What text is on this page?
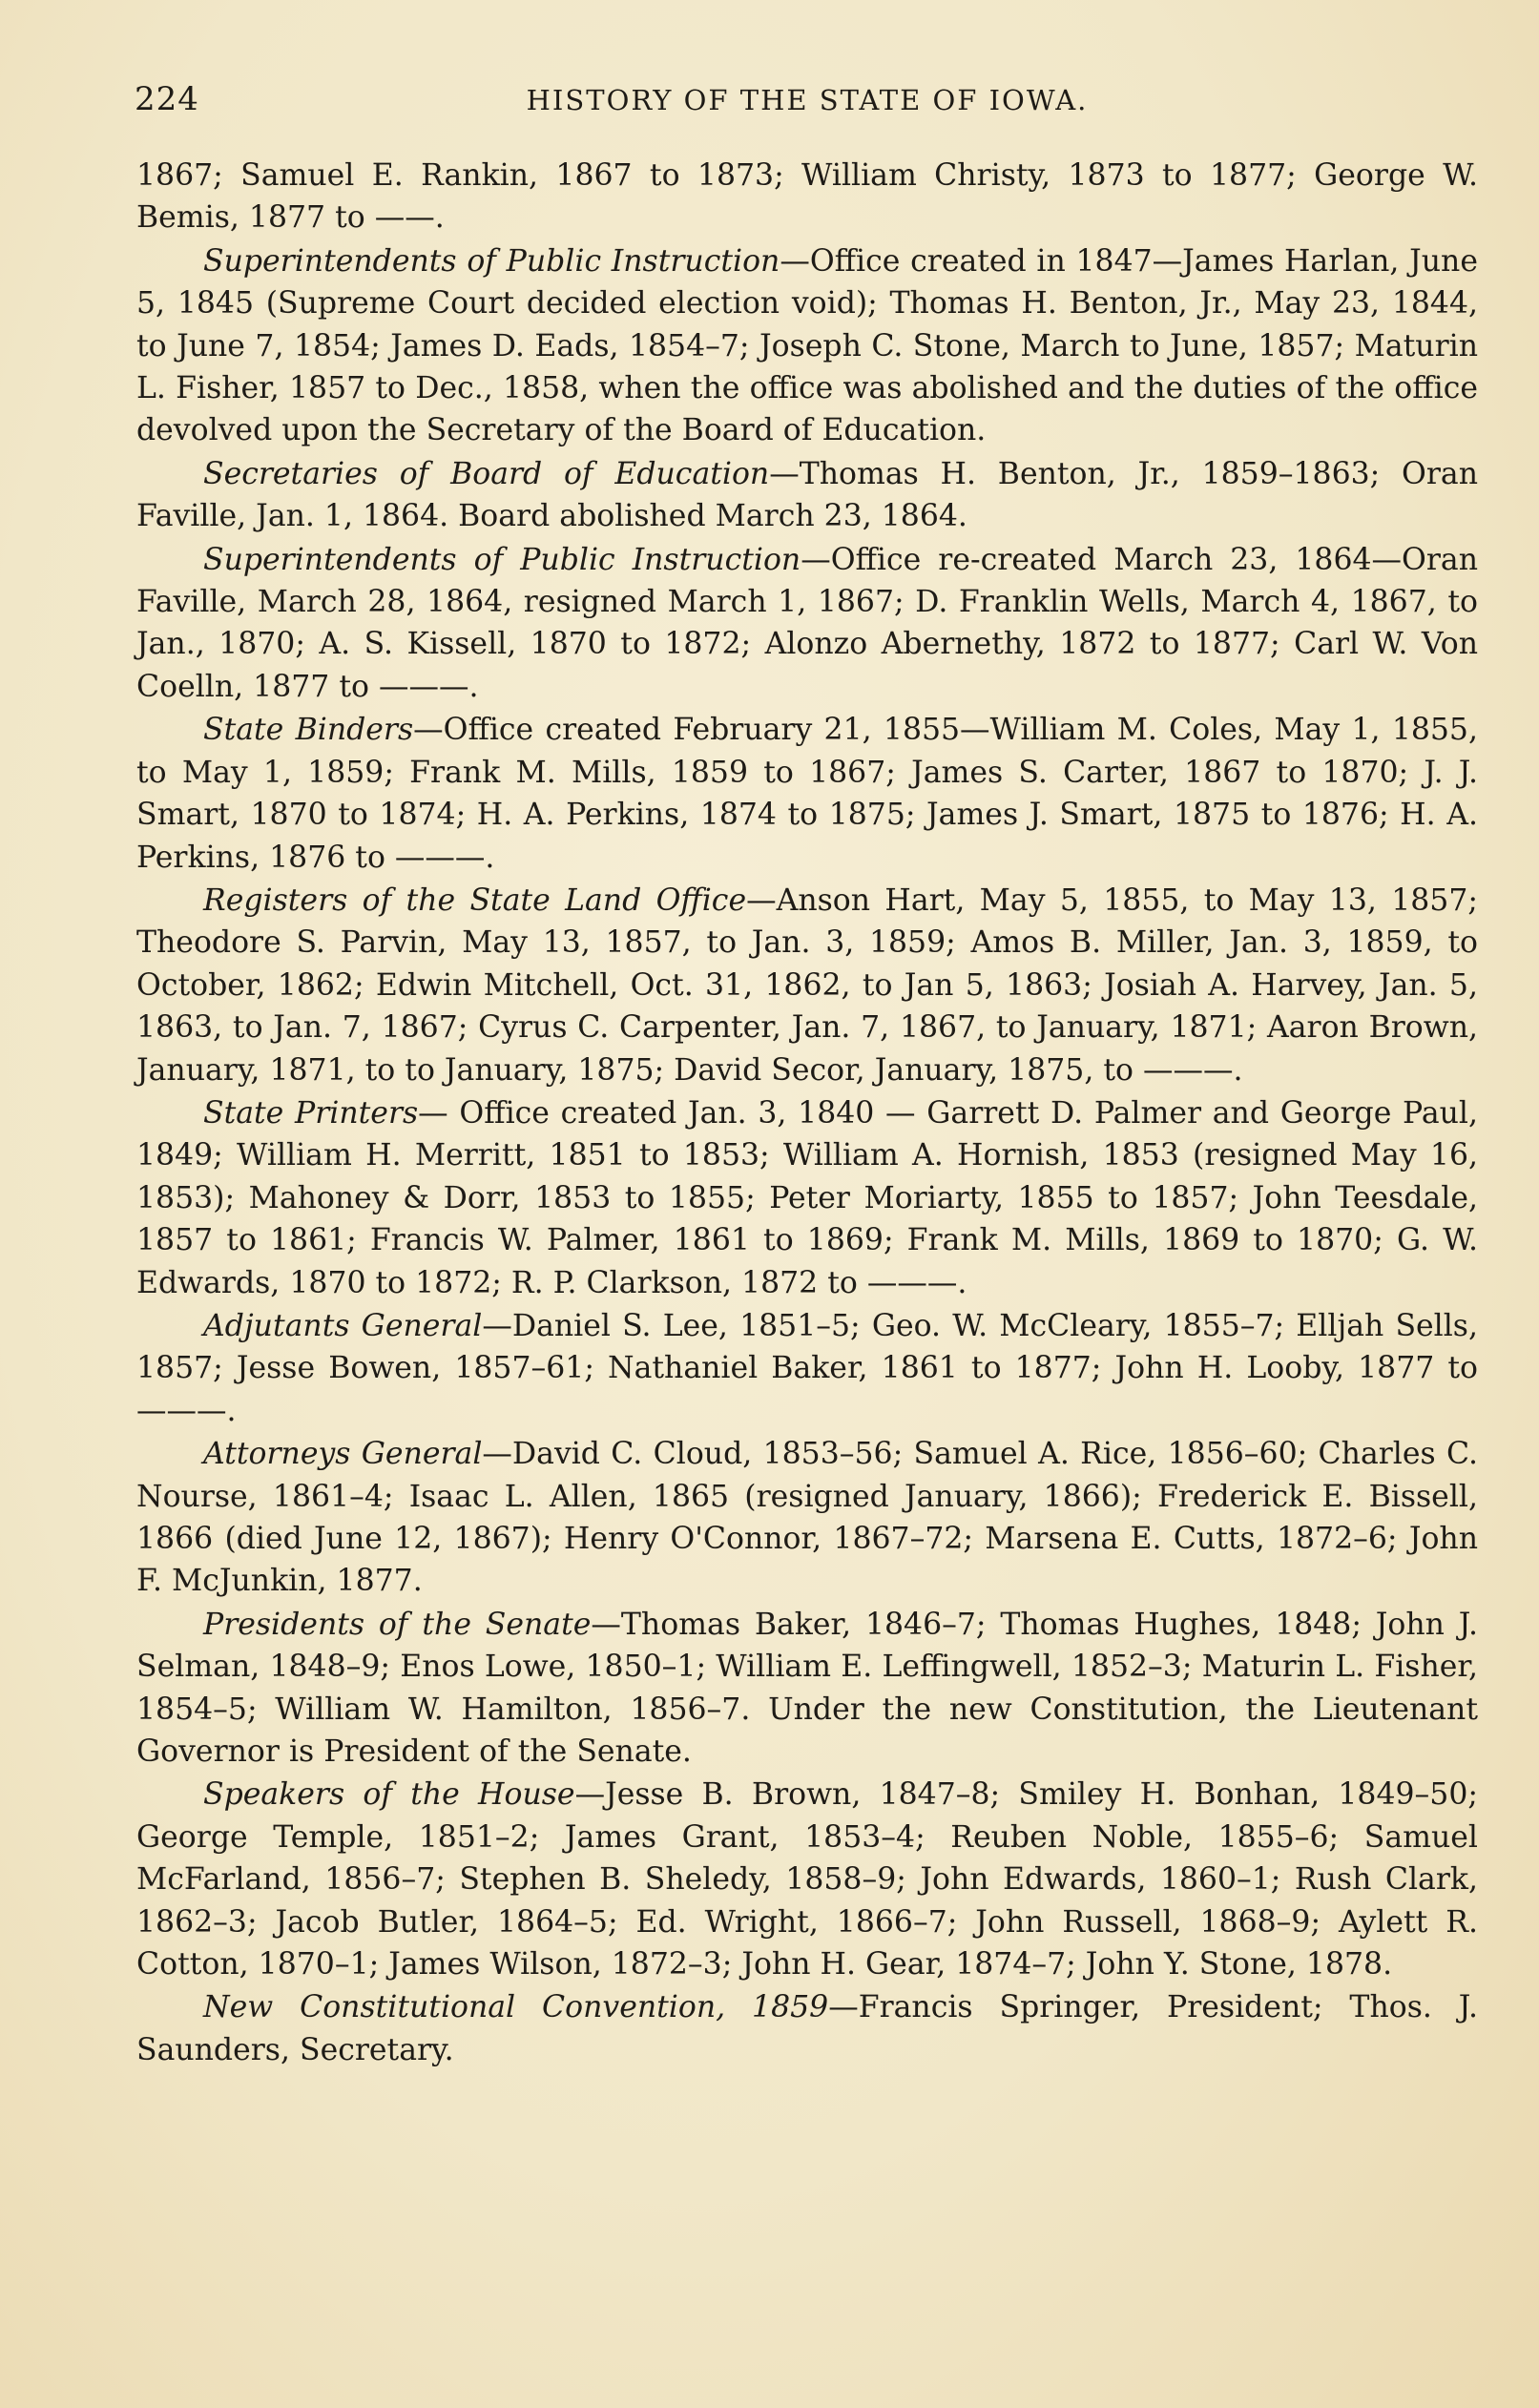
224	HISTORY OF THE STATE OF IOWA.

1867; Samuel E. Rankin, 1867 to 1873; William Christy, 1873 to 1877; George W. Bemis, 1877 to ——.

Superintendents of Public Instruction—Office created in 1847—James Harlan, June 5, 1845 (Supreme Court decided election void); Thomas H. Benton, Jr., May 23, 1844, to June 7, 1854; James D. Eads, 1854–7; Joseph C. Stone, March to June, 1857; Maturin L. Fisher, 1857 to Dec., 1858, when the office was abolished and the duties of the office devolved upon the Secretary of the Board of Education.

Secretaries of Board of Education—Thomas H. Benton, Jr., 1859–1863; Oran Faville, Jan. 1, 1864. Board abolished March 23, 1864.

Superintendents of Public Instruction—Office re-created March 23, 1864—Oran Faville, March 28, 1864, resigned March 1, 1867; D. Franklin Wells, March 4, 1867, to Jan., 1870; A. S. Kissell, 1870 to 1872; Alonzo Abernethy, 1872 to 1877; Carl W. Von Coelln, 1877 to ———.

State Binders—Office created February 21, 1855—William M. Coles, May 1, 1855, to May 1, 1859; Frank M. Mills, 1859 to 1867; James S. Carter, 1867 to 1870; J. J. Smart, 1870 to 1874; H. A. Perkins, 1874 to 1875; James J. Smart, 1875 to 1876; H. A. Perkins, 1876 to ———.

Registers of the State Land Office—Anson Hart, May 5, 1855, to May 13, 1857; Theodore S. Parvin, May 13, 1857, to Jan. 3, 1859; Amos B. Miller, Jan. 3, 1859, to October, 1862; Edwin Mitchell, Oct. 31, 1862, to Jan 5, 1863; Josiah A. Harvey, Jan. 5, 1863, to Jan. 7, 1867; Cyrus C. Carpenter, Jan. 7, 1867, to January, 1871; Aaron Brown, January, 1871, to to January, 1875; David Secor, January, 1875, to ———.

State Printers— Office created Jan. 3, 1840 — Garrett D. Palmer and George Paul, 1849; William H. Merritt, 1851 to 1853; William A. Hornish, 1853 (resigned May 16, 1853); Mahoney & Dorr, 1853 to 1855; Peter Moriarty, 1855 to 1857; John Teesdale, 1857 to 1861; Francis W. Palmer, 1861 to 1869; Frank M. Mills, 1869 to 1870; G. W. Edwards, 1870 to 1872; R. P. Clarkson, 1872 to ———.

Adjutants General—Daniel S. Lee, 1851–5; Geo. W. McCleary, 1855–7; Elljah Sells, 1857; Jesse Bowen, 1857–61; Nathaniel Baker, 1861 to 1877; John H. Looby, 1877 to ———.

Attorneys General—David C. Cloud, 1853–56; Samuel A. Rice, 1856–60; Charles C. Nourse, 1861–4; Isaac L. Allen, 1865 (resigned January, 1866); Frederick E. Bissell, 1866 (died June 12, 1867); Henry O'Connor, 1867–72; Marsena E. Cutts, 1872–6; John F. McJunkin, 1877.

Presidents of the Senate—Thomas Baker, 1846–7; Thomas Hughes, 1848; John J. Selman, 1848–9; Enos Lowe, 1850–1; William E. Leffingwell, 1852–3; Maturin L. Fisher, 1854–5; William W. Hamilton, 1856–7. Under the new Constitution, the Lieutenant Governor is President of the Senate.

Speakers of the House—Jesse B. Brown, 1847–8; Smiley H. Bonhan, 1849–50; George Temple, 1851–2; James Grant, 1853–4; Reuben Noble, 1855–6; Samuel McFarland, 1856–7; Stephen B. Sheledy, 1858–9; John Edwards, 1860–1; Rush Clark, 1862–3; Jacob Butler, 1864–5; Ed. Wright, 1866–7; John Russell, 1868–9; Aylett R. Cotton, 1870–1; James Wilson, 1872–3; John H. Gear, 1874–7; John Y. Stone, 1878.

New Constitutional Convention, 1859—Francis Springer, President; Thos. J. Saunders, Secretary.
